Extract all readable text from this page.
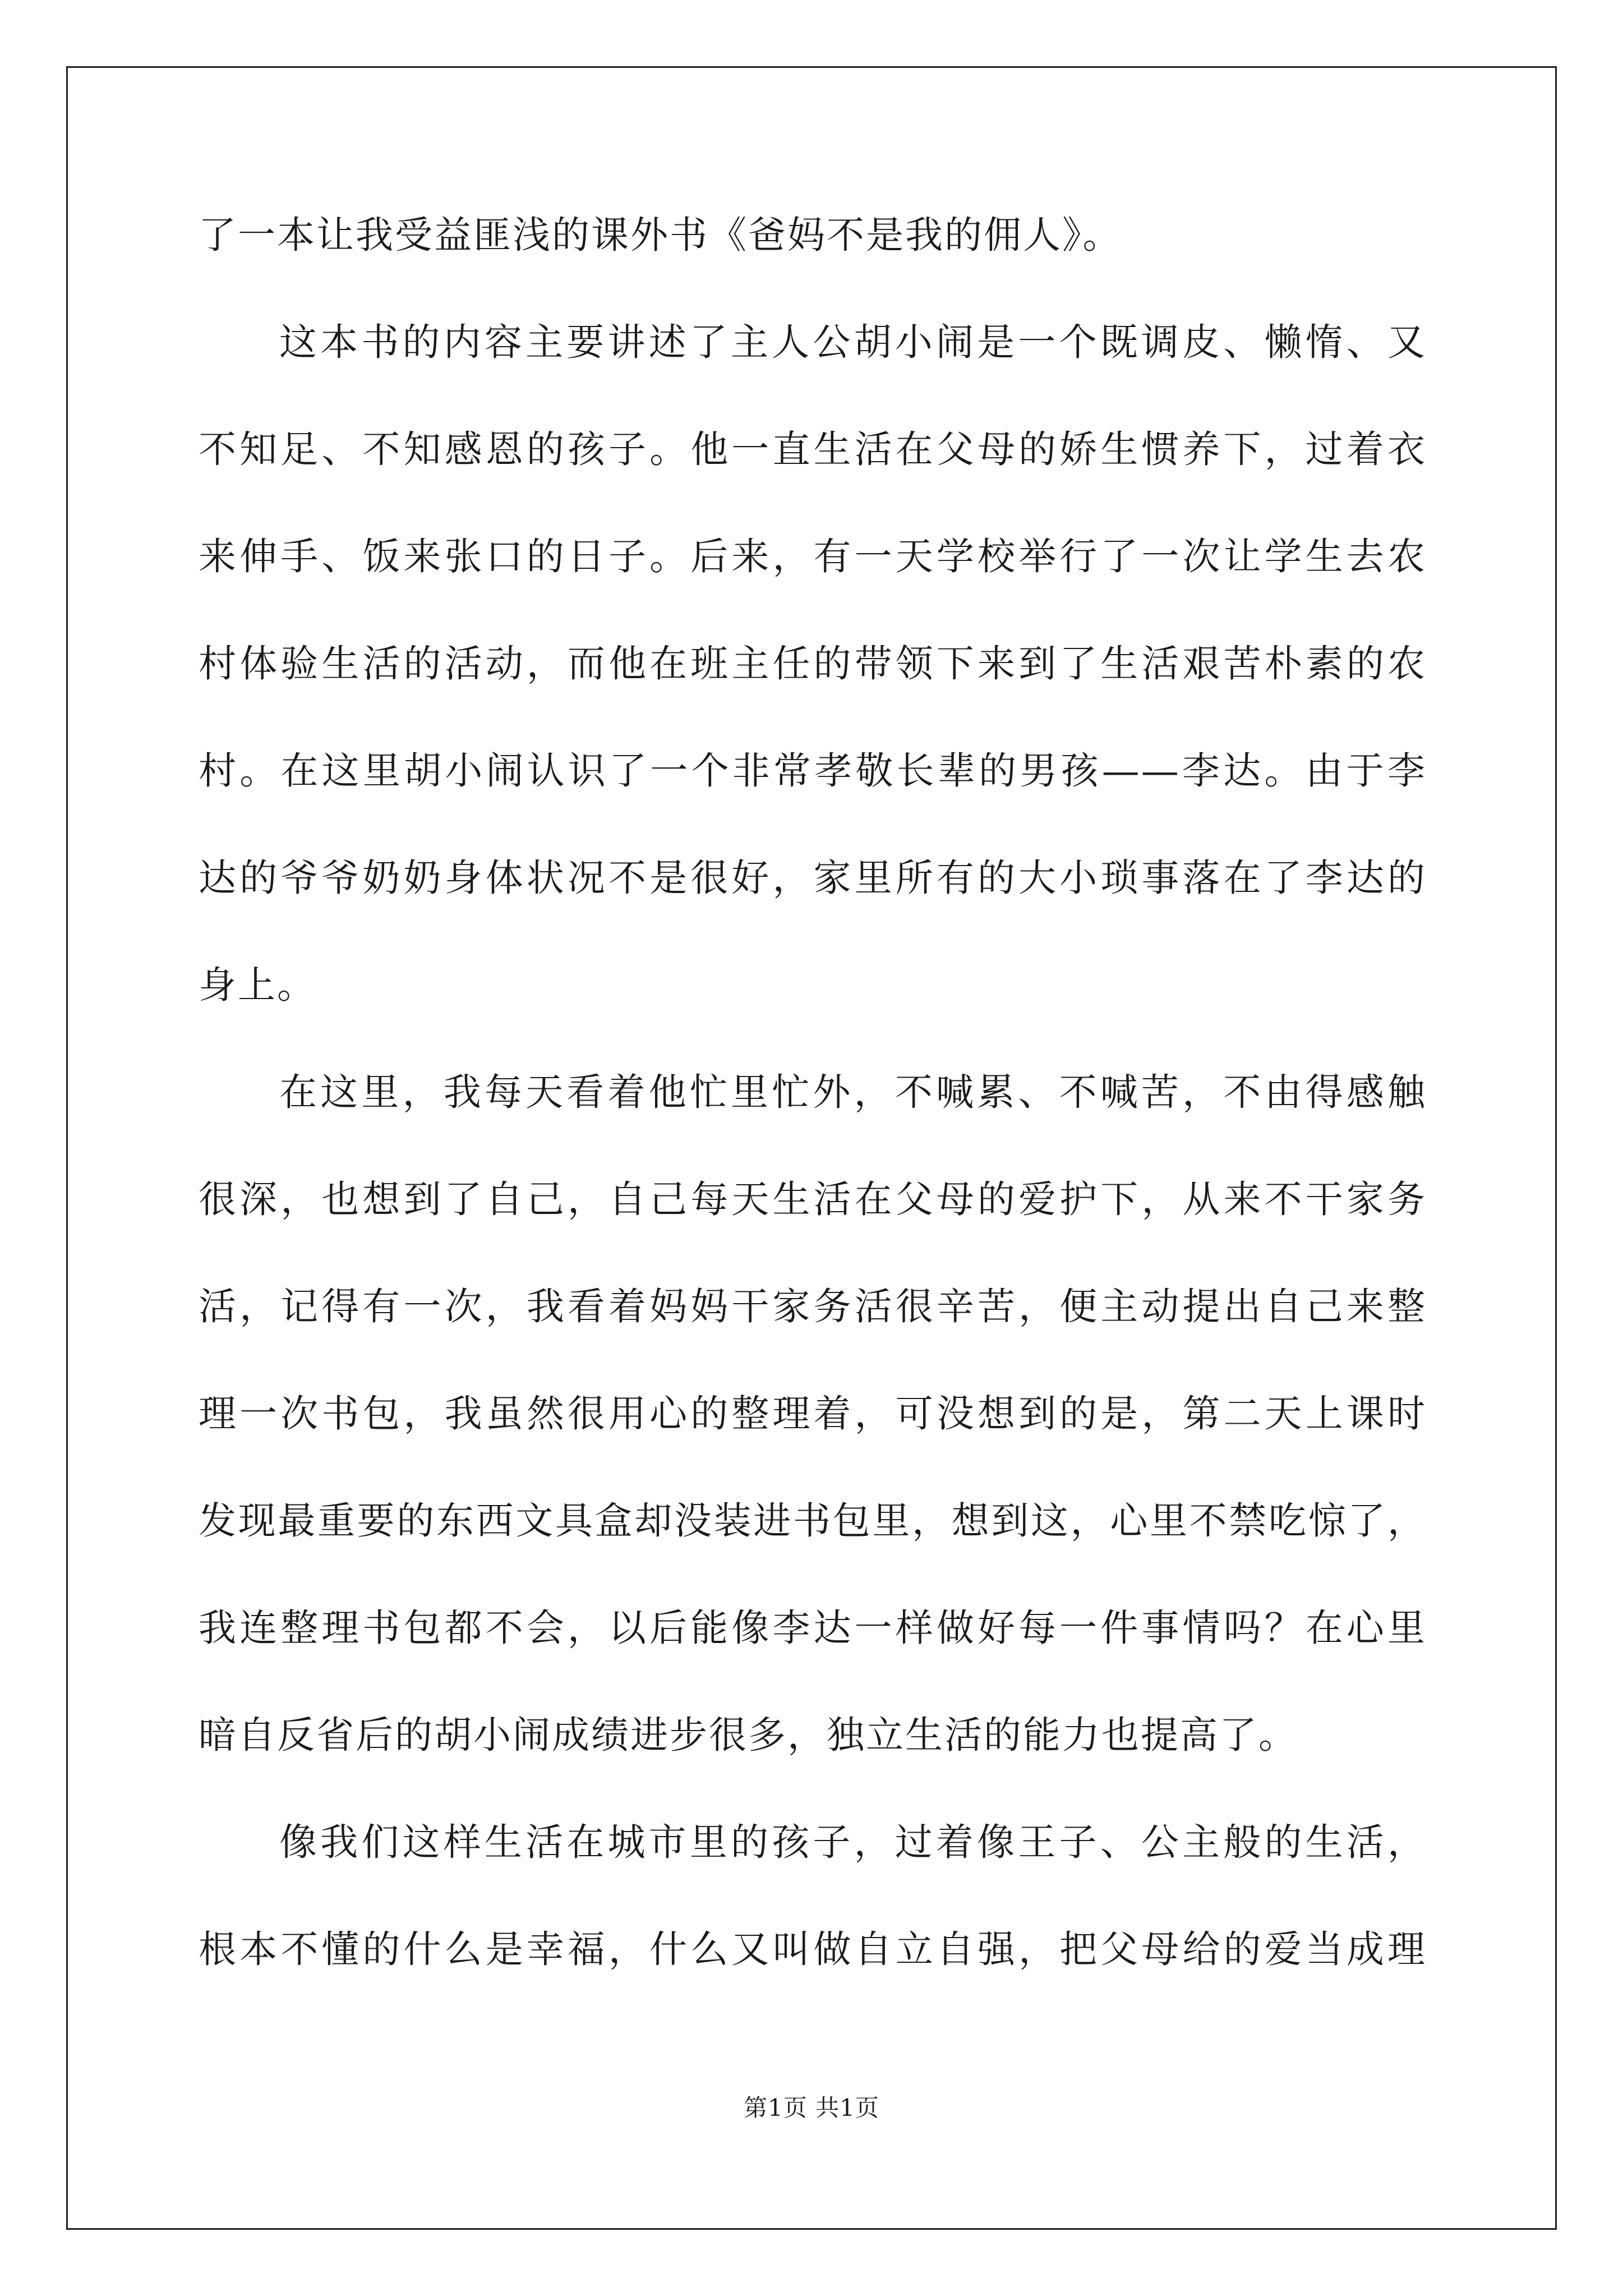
了一本让我受益匪浅的课外书《爸妈不是我的佣人》。
这本书的内容主要讲述了主人公胡小闹是一个既调皮、懒惰、又
不知足、不知感恩的孩子。他一直生活在父母的娇生惯养下，过着衣
来伸手、饭来张口的日子。后来，有一天学校举行了一次让学生去农
村体验生活的活动，而他在班主任的带领下来到了生活艰苦朴素的农
村。在这里胡小闹认识了一个非常孝敬长辈的男孩——李达。由于李
达的爷爷奶奶身体状况不是很好，家里所有的大小琐事落在了李达的
身上。
在这里，我每天看着他忙里忙外，不喊累、不喊苦，不由得感触
很深，也想到了自己，自己每天生活在父母的爱护下，从来不干家务
活，记得有一次，我看着妈妈干家务活很辛苦，便主动提出自己来整
理一次书包，我虽然很用心的整理着，可没想到的是，第二天上课时
发现最重要的东西文具盒却没装进书包里，想到这，心里不禁吃惊了，
我连整理书包都不会，以后能像李达一样做好每一件事情吗？在心里
暗自反省后的胡小闹成绩进步很多，独立生活的能力也提高了。
像我们这样生活在城市里的孩子，过着像王子、公主般的生活，
根本不懂的什么是幸福，什么又叫做自立自强，把父母给的爱当成理
第1页 共1页
